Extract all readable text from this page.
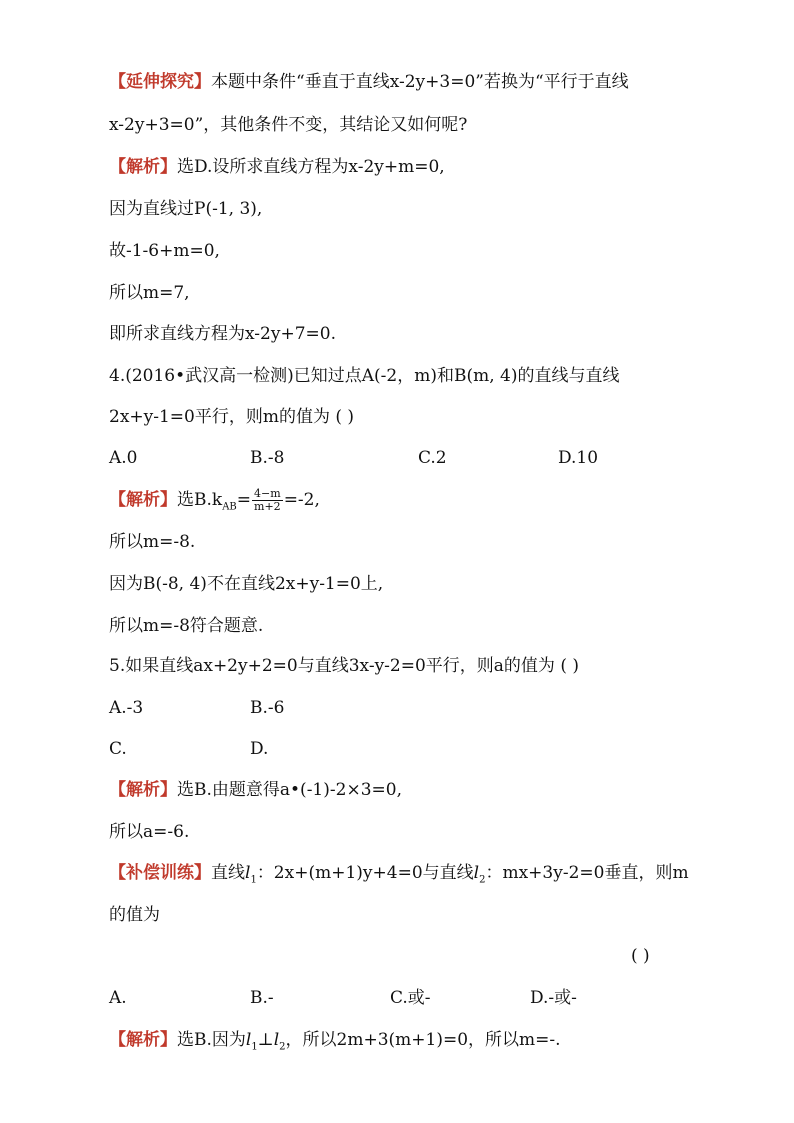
【延伸探究】本题中条件“垂直于直线x-2y+3=0”若换为“平行于直线
x-2y+3=0”，其他条件不变，其结论又如何呢?
【解析】选D.设所求直线方程为x-2y+m=0,
因为直线过P(-1, 3),
故-1-6+m=0,
所以m=7,
即所求直线方程为x-2y+7=0.
4.(2016•武汉高一检测)已知过点A(-2，m)和B(m, 4)的直线与直线
2x+y-1=0平行，则m的值为 ( )
A.0	B.-8	C.2	D.10
【解析】选$B.k_{AB}= \frac{4-m}{m+2} =-2$,
所以m=-8.
因为B(-8, 4)不在直线2x+y-1=0上,
所以m=-8符合题意.
5.如果直线ax+2y+2=0与直线3x-y-2=0平行，则a的值为 ( )
A.-3	B.-6
C.	D.
【解析】选B.由题意得a•(-1)-2×3=0,
所以a=-6.
【补偿训练】直线$l_1$：2x+(m+1)y+4=0与直线$l_2$：mx+3y-2=0垂直，则m
的值为
( )
A.	B.-	C.或-	D.-或-
【解析】选B.因为$l_1\perp l_2$，所以2m+3(m+1)=0，所以m=-.
